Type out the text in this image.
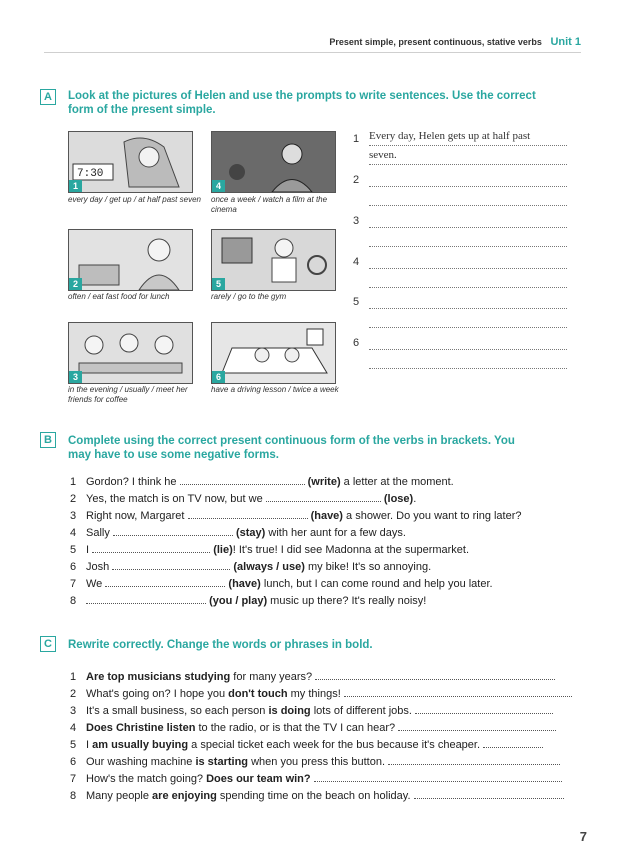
Present simple, present continuous, stative verbs Unit 1
A	Look at the pictures of Helen and use the prompts to write sentences. Use the correct form of the present simple.
7:30
1
every day / get up / at half past seven
2
often / eat fast food for lunch
3
in the evening / usually / meet her friends for coffee
4
once a week / watch a film at the cinema
5
rarely / go to the gym
6
have a driving lesson / twice a week
1 Every day, Helen gets up at half past
seven.
2
3
4
5
6
B	Complete using the correct present continuous form of the verbs in brackets. You may have to use some negative forms.
1 Gordon? I think he	(write) a letter at the moment.
2 Yes, the match is on TV now, but we	(lose).
3 Right now, Margaret	(have) a shower. Do you want to ring later?
4 Sally	(stay) with her aunt for a few days.
5 I	(lie)! It's true! I did see Madonna at the supermarket.
6 Josh	(always / use) my bike! It's so annoying.
7 We	(have) lunch, but I can come round and help you later.
8	(you / play) music up there? It's really noisy!
C	Rewrite correctly. Change the words or phrases in bold.
1 Are top musicians studying for many years?
2 What's going on? I hope you don't touch my things!
3 It's a small business, so each person is doing lots of different jobs.
4 Does Christine listen to the radio, or is that the TV I can hear?
5 I am usually buying a special ticket each week for the bus because it's cheaper.
6 Our washing machine is starting when you press this button.
7 How's the match going? Does our team win?
8 Many people are enjoying spending time on the beach on holiday.
7
